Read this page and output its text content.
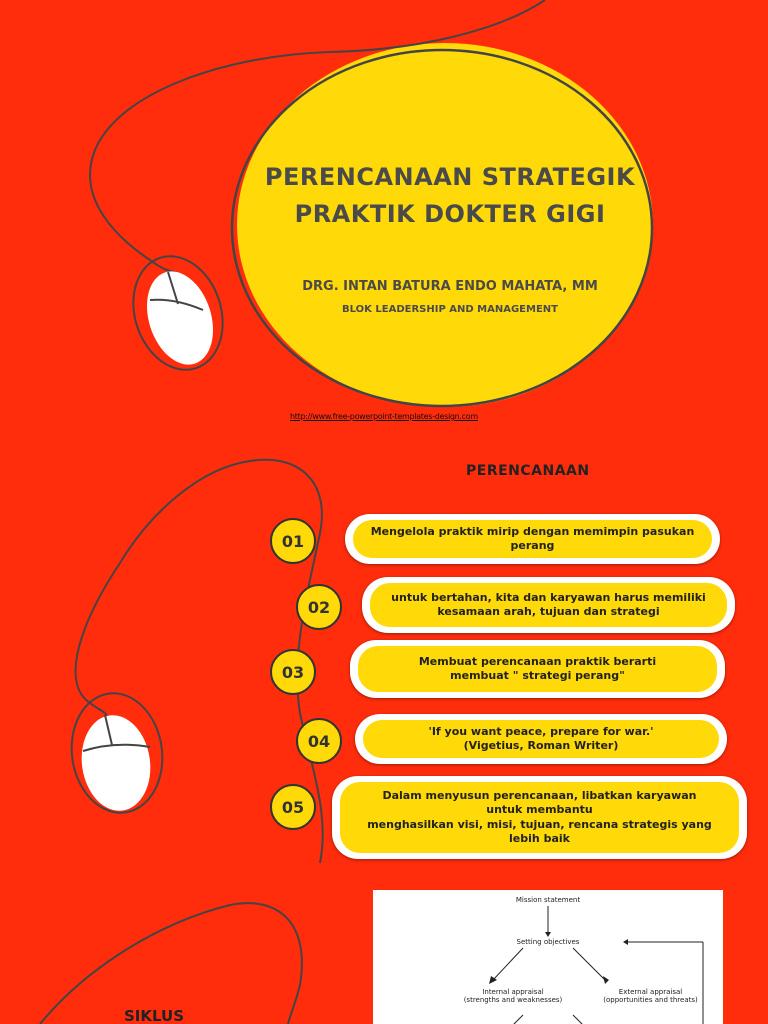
PERENCANAAN STRATEGIK
PRAKTIK DOKTER GIGI
DRG. INTAN BATURA ENDO MAHATA, MM
BLOK LEADERSHIP AND MANAGEMENT
http://www.free-powerpoint-templates-design.com
PERENCANAAN
01
Mengelola praktik mirip dengan memimpin pasukan perang
02
untuk bertahan, kita dan karyawan harus memiliki
kesamaan arah, tujuan dan strategi
03
Membuat perencanaan praktik berarti
membuat " strategi perang"
04
'If you want peace, prepare for war.'
(Vigetius, Roman Writer)
05
Dalam menyusun perencanaan, libatkan karyawan
untuk membantu
menghasilkan visi, misi, tujuan, rencana strategis yang lebih baik
SIKLUS
Mission statement
Setting objectives
Internal appraisal
(strengths and weaknesses)
External appraisal
(opportunities and threats)
